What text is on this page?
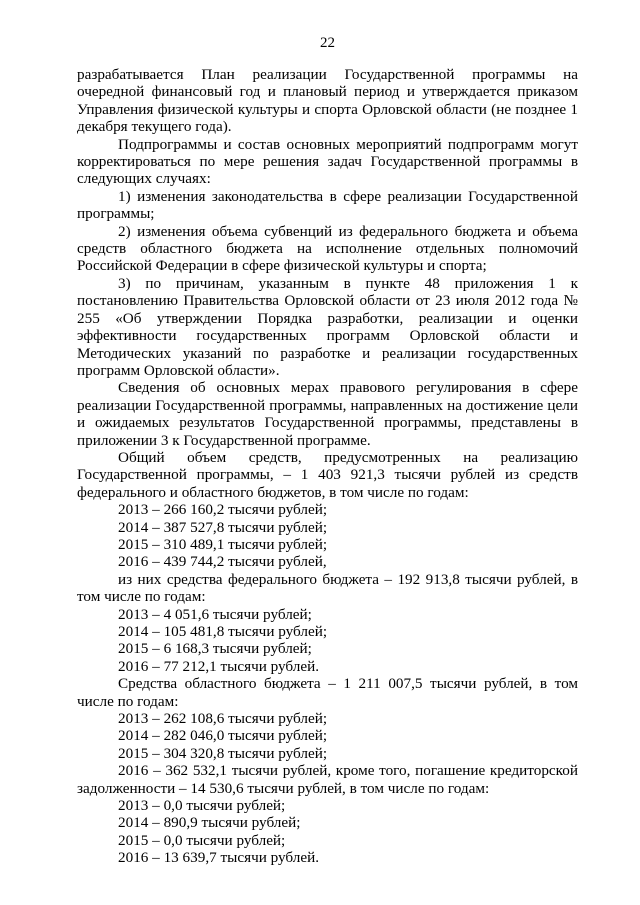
22

разрабатывается План реализации Государственной программы на очередной финансовый год и плановый период и утверждается приказом Управления физической культуры и спорта Орловской области (не позднее 1 декабря текущего года).

Подпрограммы и состав основных мероприятий подпрограмм могут корректироваться по мере решения задач Государственной программы в следующих случаях:

1) изменения законодательства в сфере реализации Государственной программы;

2) изменения объема субвенций из федерального бюджета и объема средств областного бюджета на исполнение отдельных полномочий Российской Федерации в сфере физической культуры и спорта;

3) по причинам, указанным в пункте 48 приложения 1 к постановлению Правительства Орловской области от 23 июля 2012 года № 255 «Об утверждении Порядка разработки, реализации и оценки эффективности государственных программ Орловской области и Методических указаний по разработке и реализации государственных программ Орловской области».

Сведения об основных мерах правового регулирования в сфере реализации Государственной программы, направленных на достижение цели и ожидаемых результатов Государственной программы, представлены в приложении 3 к Государственной программе.

Общий объем средств, предусмотренных на реализацию Государственной программы, – 1 403 921,3 тысячи рублей из средств федерального и областного бюджетов, в том числе по годам:

2013 – 266 160,2 тысячи рублей;

2014 – 387 527,8 тысячи рублей;

2015 – 310 489,1 тысячи рублей;

2016 – 439 744,2 тысячи рублей,

из них средства федерального бюджета – 192 913,8 тысячи рублей, в том числе по годам:

2013 – 4 051,6 тысячи рублей;

2014 – 105 481,8 тысячи рублей;

2015 – 6 168,3 тысячи рублей;

2016 – 77 212,1 тысячи рублей.

Средства областного бюджета – 1 211 007,5 тысячи рублей, в том числе по годам:

2013 – 262 108,6 тысячи рублей;

2014 – 282 046,0 тысячи рублей;

2015 – 304 320,8 тысячи рублей;

2016 – 362 532,1 тысячи рублей, кроме того, погашение кредиторской задолженности – 14 530,6 тысячи рублей, в том числе по годам:

2013 – 0,0 тысячи рублей;

2014 – 890,9 тысячи рублей;

2015 – 0,0 тысячи рублей;

2016 – 13 639,7 тысячи рублей.
